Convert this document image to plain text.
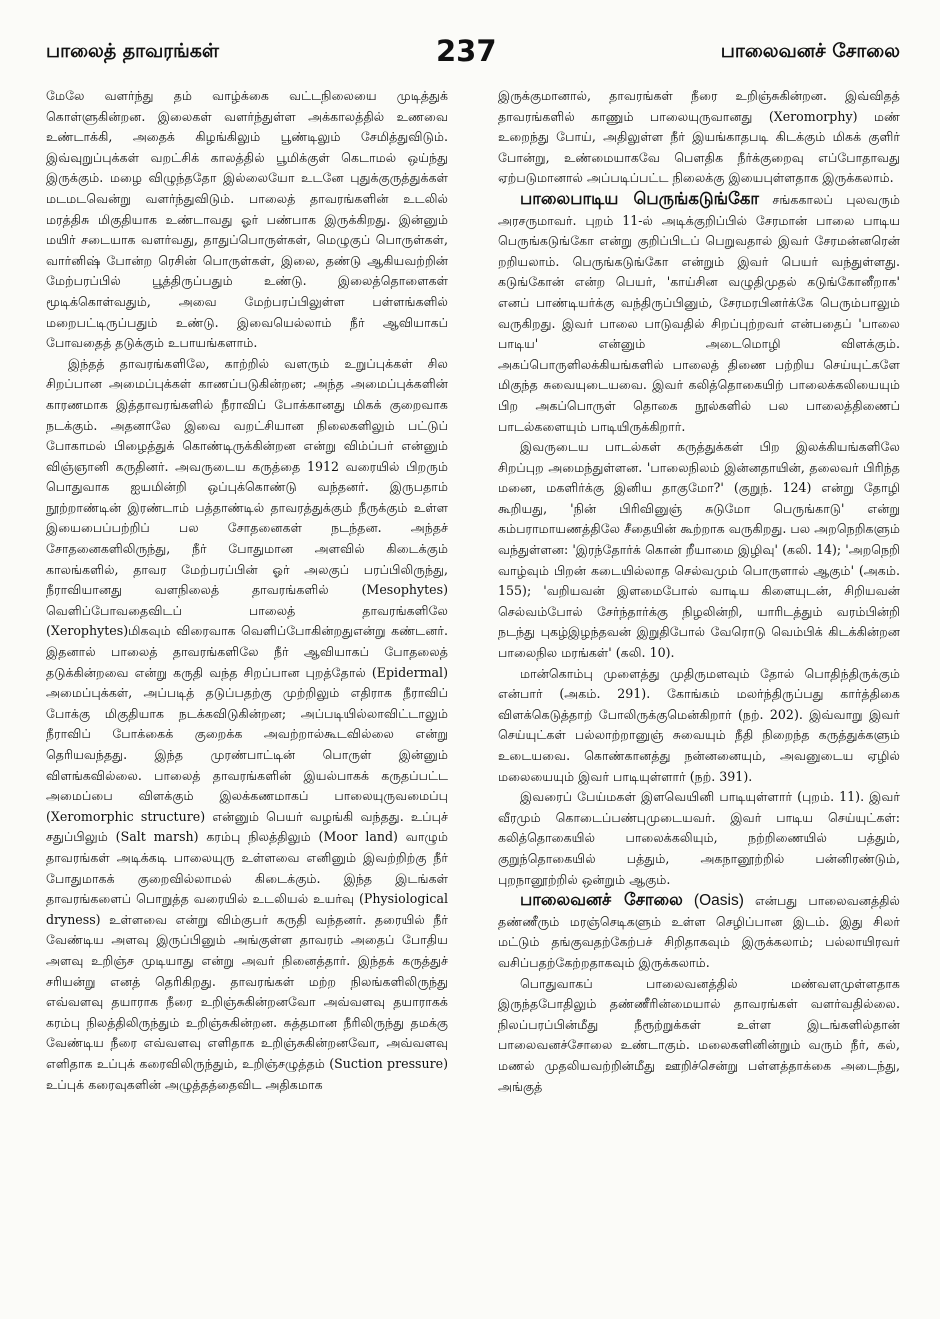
பாலைத் தாவரங்கள்	237	பாலைவனச் சோலை

மேலே வளர்ந்து தம் வாழ்க்கை வட்டநிலையை முடித்துக் கொள்ளுகின்றன. இலைகள் வளர்ந்துள்ள அக்காலத்தில் உணவை உண்டாக்கி, அதைக் கிழங்கிலும் பூண்டிலும் சேமித்துவிடும். இவ்வுறுப்புக்கள் வறட்சிக் காலத்தில் பூமிக்குள் கெடாமல் ஒய்ந்து இருக்கும். மழை விழுந்ததோ இல்லையோ உடனே புதுக்குருத்துக்கள் மடமடவென்று வளர்ந்துவிடும். பாலைத் தாவரங்களின் உடலில் மரத்திசு மிகுதியாக உண்டாவது ஓர் பண்பாக இருக்கிறது. இன்னும் மயிர் சடையாக வளர்வது, தாதுப்பொருள்கள், மெழுகுப் பொருள்கள், வார்னிஷ் போன்ற ரெசின் பொருள்கள், இலை, தண்டு ஆகியவற்றின் மேற்பரப்பில் பூத்திருப்பதும் உண்டு. இலைத்தொளைகள் மூடிக்கொள்வதும், அவை மேற்பரப்பிலுள்ள பள்ளங்களில் மறைபட்டிருப்பதும் உண்டு. இவையெல்லாம் நீர் ஆவியாகப் போவதைத் தடுக்கும் உபாயங்களாம்.

இந்தத் தாவரங்களிலே, காற்றில் வளரும் உறுப்புக்கள் சில சிறப்பான அமைப்புக்கள் காணப்படுகின்றன; அந்த அமைப்புக்களின் காரணமாக இத்தாவரங்களில் நீராவிப் போக்கானது மிகக் குறைவாக நடக்கும். அதனாலே இவை வறட்சியான நிலைகளிலும் பட்டுப் போகாமல் பிழைத்துக் கொண்டிருக்கின்றன என்று விம்ப்பர் என்னும் விஞ்ஞானி கருதினர். அவருடைய கருத்தை 1912 வரையில் பிறரும் பொதுவாக ஐயமின்றி ஒப்புக்கொண்டு வந்தனர். இருபதாம் நூற்றாண்டின் இரண்டாம் பத்தாண்டில் தாவரத்துக்கும் நீருக்கும் உள்ள இயைபைப்பற்றிப் பல சோதனைகள் நடந்தன. அந்தச் சோதனைகளிலிருந்து, நீர் போதுமான அளவில் கிடைக்கும் காலங்களில், தாவர மேற்பரப்பின் ஓர் அலகுப் பரப்பிலிருந்து, நீராவியானது வளநிலைத் தாவரங்களில் (Mesophytes) வெளிப்போவதைவிடப் பாலைத் தாவரங்களிலே (Xerophytes)மிகவும் விரைவாக வெளிப்போகின்றதுஎன்று கண்டனர். இதனால் பாலைத் தாவரங்களிலே நீர் ஆவியாகப் போதலைத் தடுக்கின்றவை என்று கருதி வந்த சிறப்பான புறத்தோல் (Epidermal) அமைப்புக்கள், அப்படித் தடுப்பதற்கு முற்றிலும் எதிராக நீராவிப் போக்கு மிகுதியாக நடக்கவிடுகின்றன; அப்படியில்லாவிட்டாலும் நீராவிப் போக்கைக் குறைக்க அவற்றால்கூடவில்லை என்று தெரியவந்தது. இந்த முரண்பாட்டின் பொருள் இன்னும் விளங்கவில்லை. பாலைத் தாவரங்களின் இயல்பாகக் கருதப்பட்ட அமைப்பை விளக்கும் இலக்கணமாகப் பாலையுருவமைப்பு (Xeromorphic structure) என்னும் பெயர் வழங்கி வந்தது. உப்புச் சதுப்பிலும் (Salt marsh) கரம்பு நிலத்திலும் (Moor land) வாழும் தாவரங்கள் அடிக்கடி பாலையுரு உள்ளவை எனினும் இவற்றிற்கு நீர் போதுமாகக் குறைவில்லாமல் கிடைக்கும். இந்த இடங்கள் தாவரங்களைப் பொறுத்த வரையில் உடலியல் உயர்வு (Physiological dryness) உள்ளவை என்று விம்குபர் கருதி வந்தனர். தரையில் நீர் வேண்டிய அளவு இருப்பினும் அங்குள்ள தாவரம் அதைப் போதிய அளவு உறிஞ்ச முடியாது என்று அவர் நினைத்தார். இந்தக் கருத்துச் சரியன்று எனத் தெரிகிறது. தாவரங்கள் மற்ற நிலங்களிலிருந்து எவ்வளவு தயாராக நீரை உறிஞ்சுகின்றனவோ அவ்வளவு தயாராகக் கரம்பு நிலத்திலிருந்தும் உறிஞ்சுகின்றன. சுத்தமான நீரிலிருந்து தமக்கு வேண்டிய நீரை எவ்வளவு எளிதாக உறிஞ்சுகின்றனவோ, அவ்வளவு எளிதாக உப்புக் கரைவிலிருந்தும், உறிஞ்சழுத்தம் (Suction pressure) உப்புக் கரைவுகளின் அழுத்தத்தைவிட அதிகமாக

இருக்குமானால், தாவரங்கள் நீரை உறிஞ்சுகின்றன. இவ்விதத் தாவரங்களில் காணும் பாலையுருவானது (Xeromorphy) மண் உறைந்து போய், அதிலுள்ள நீர் இயங்காதபடி கிடக்கும் மிகக் குளிர் போன்று, உண்மையாகவே பௌதிக நீர்க்குறைவு எப்போதாவது ஏற்படுமானால் அப்படிப்பட்ட நிலைக்கு இயைபுள்ளதாக இருக்கலாம்.

பாலைபாடிய பெருங்கடுங்கோ சங்ககாலப் புலவரும் அரசருமாவர். புறம் 11-ல் அடிக்குறிப்பில் சேரமான் பாலை பாடிய பெருங்கடுங்கோ என்று குறிப்பிடப் பெறுவதால் இவர் சேரமன்னரென் றறியலாம். பெருங்கடுங்கோ என்றும் இவர் பெயர் வந்துள்ளது. கடுங்கோன் என்ற பெயர், 'காய்சின வழுதிமுதல் கடுங்கோனீறாக' எனப் பாண்டியர்க்கு வந்திருப்பினும், சேரமரபினர்க்கே பெரும்பாலும் வருகிறது. இவர் பாலை பாடுவதில் சிறப்புற்றவர் என்பதைப் 'பாலை பாடிய' என்னும் அடைமொழி விளக்கும். அகப்பொருளிலக்கியங்களில் பாலைத் திணை பற்றிய செய்யுட்களே மிகுந்த சுவையுடையவை. இவர் கலித்தொகையிற் பாலைக்கலியையும் பிற அகப்பொருள் தொகை நூல்களில் பல பாலைத்திணைப் பாடல்களையும் பாடியிருக்கிறார்.

இவருடைய பாடல்கள் கருத்துக்கள் பிற இலக்கியங்களிலே சிறப்புற அமைந்துள்ளன. 'பாலைநிலம் இன்னதாயின், தலைவர் பிரிந்த மனை, மகளிர்க்கு இனிய தாகுமோ?' (குறுந். 124) என்று தோழி கூறியது, 'நின் பிரிவினுஞ் சுடுமோ பெருங்காடு' என்று கம்பராமாயணத்திலே சீதையின் கூற்றாக வருகிறது. பல அறநெறிகளும் வந்துள்ளன: 'இரந்தோர்க் கொன் றீயாமை இழிவு' (கலி. 14); 'அறநெறி வாழ்வும் பிறன் கடையில்லாத செல்வமும் பொருளால் ஆகும்' (அகம். 155); 'வறியவன் இளமைபோல் வாடிய கிளையுடன், சிறியவன் செல்வம்போல் சேர்ந்தார்க்கு நிழலின்றி, யாரிடத்தும் வரம்பின்றி நடந்து புகழ்இழந்தவன் இறுதிபோல் வேரொடு வெம்பிக் கிடக்கின்றன பாலைநில மரங்கள்' (கலி. 10).

மான்கொம்பு முளைத்து முதிருமளவும் தோல் பொதிந்திருக்கும் என்பார் (அகம். 291). கோங்கம் மலர்ந்திருப்பது கார்த்திகை விளக்கெடுத்தாற் போலிருக்குமென்கிறார் (நற். 202). இவ்வாறு இவர் செய்யுட்கள் பல்லாற்றானுஞ் சுவையும் நீதி நிறைந்த கருத்துக்களும் உடையவை. கொண்கானத்து நன்னனையும், அவனுடைய ஏழில் மலையையும் இவர் பாடியுள்ளார் (நற். 391).

இவரைப் பேய்மகள் இளவெயினி பாடியுள்ளார் (புறம். 11). இவர் வீரமும் கொடைப்பண்புமுடையவர். இவர் பாடிய செய்யுட்கள்: கலித்தொகையில் பாலைக்கலியும், நற்றிணையில் பத்தும், குறுந்தொகையில் பத்தும், அகநானூற்றில் பன்னிரண்டும், புறநானூற்றில் ஒன்றும் ஆகும்.

பாலைவனச் சோலை (Oasis) என்பது பாலைவனத்தில் தண்ணீரும் மரஞ்செடிகளும் உள்ள செழிப்பான இடம். இது சிலர் மட்டும் தங்குவதற்கேற்பச் சிறிதாகவும் இருக்கலாம்; பல்லாயிரவர் வசிப்பதற்கேற்றதாகவும் இருக்கலாம்.

பொதுவாகப் பாலைவனத்தில் மண்வளமுள்ளதாக இருந்தபோதிலும் தண்ணீரின்மையால் தாவரங்கள் வளர்வதில்லை. நிலப்பரப்பின்மீது நீரூற்றுக்கள் உள்ள இடங்களில்தான் பாலைவனச்சோலை உண்டாகும். மலைகளினின்றும் வரும் நீர், கல், மணல் முதலியவற்றின்மீது ஊறிச்சென்று பள்ளத்தாக்கை அடைந்து, அங்குத்
